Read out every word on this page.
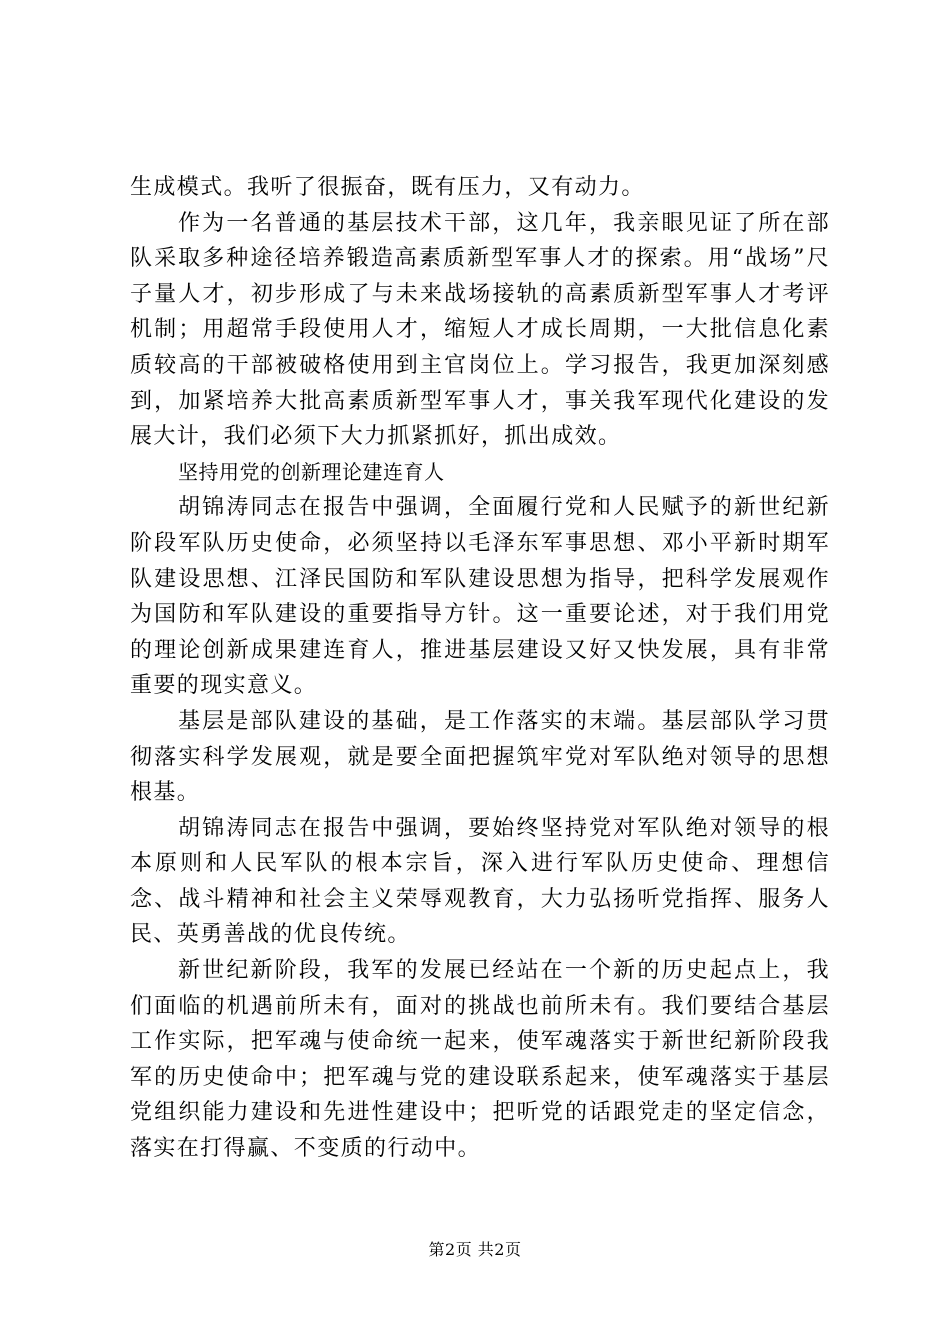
生成模式。我听了很振奋，既有压力，又有动力。

作为一名普通的基层技术干部，这几年，我亲眼见证了所在部队采取多种途径培养锻造高素质新型军事人才的探索。用“战场”尺子量人才，初步形成了与未来战场接轨的高素质新型军事人才考评机制；用超常手段使用人才，缩短人才成长周期，一大批信息化素质较高的干部被破格使用到主官岗位上。学习报告，我更加深刻感到，加紧培养大批高素质新型军事人才，事关我军现代化建设的发展大计，我们必须下大力抓紧抓好，抓出成效。

坚持用党的创新理论建连育人

胡锦涛同志在报告中强调，全面履行党和人民赋予的新世纪新阶段军队历史使命，必须坚持以毛泽东军事思想、邓小平新时期军队建设思想、江泽民国防和军队建设思想为指导，把科学发展观作为国防和军队建设的重要指导方针。这一重要论述，对于我们用党的理论创新成果建连育人，推进基层建设又好又快发展，具有非常重要的现实意义。

基层是部队建设的基础，是工作落实的末端。基层部队学习贯彻落实科学发展观，就是要全面把握筑牢党对军队绝对领导的思想根基。

胡锦涛同志在报告中强调，要始终坚持党对军队绝对领导的根本原则和人民军队的根本宗旨，深入进行军队历史使命、理想信念、战斗精神和社会主义荣辱观教育，大力弘扬听党指挥、服务人民、英勇善战的优良传统。

新世纪新阶段，我军的发展已经站在一个新的历史起点上，我们面临的机遇前所未有，面对的挑战也前所未有。我们要结合基层工作实际，把军魂与使命统一起来，使军魂落实于新世纪新阶段我军的历史使命中；把军魂与党的建设联系起来，使军魂落实于基层党组织能力建设和先进性建设中；把听党的话跟党走的坚定信念，落实在打得赢、不变质的行动中。

第2页 共2页
